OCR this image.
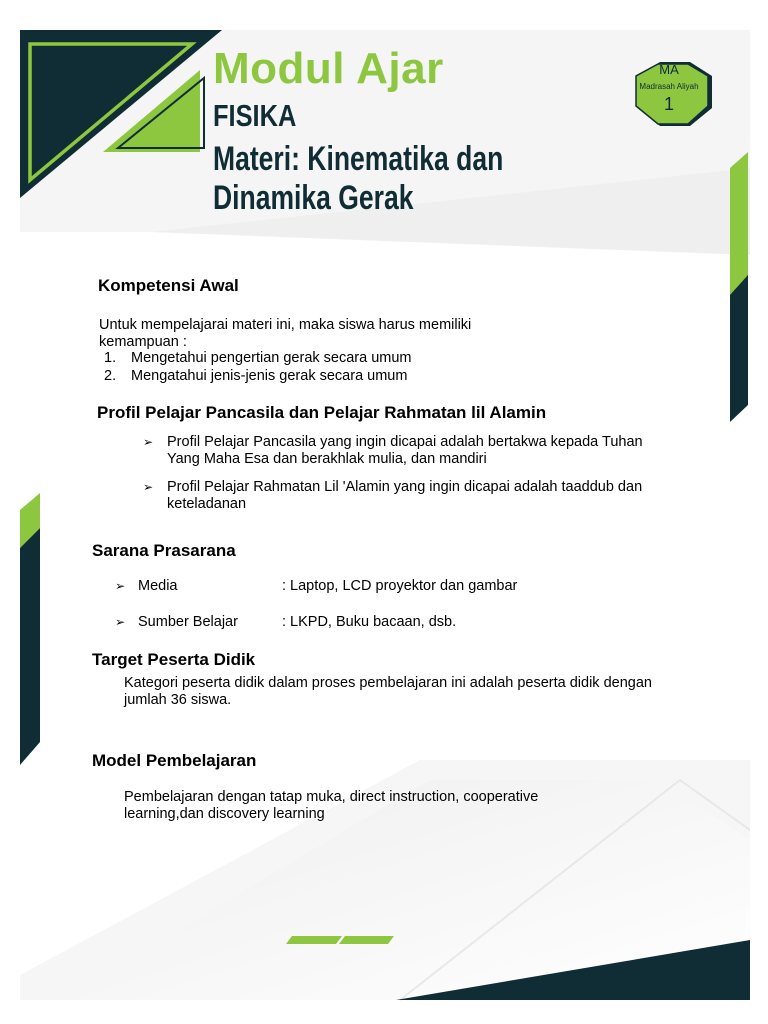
Modul Ajar
FISIKA
Materi: Kinematika dan
Dinamika Gerak
MA
Madrasah Aliyah
1
Kompetensi Awal
Untuk mempelajarai materi ini, maka siswa harus memiliki
kemampuan :
1. Mengetahui pengertian gerak secara umum
2. Mengatahui jenis-jenis gerak secara umum
Profil Pelajar Pancasila dan Pelajar Rahmatan lil Alamin
➢ Profil Pelajar Pancasila yang ingin dicapai adalah bertakwa kepada Tuhan
Yang Maha Esa dan berakhlak mulia, dan mandiri
➢ Profil Pelajar Rahmatan Lil 'Alamin yang ingin dicapai adalah taaddub dan
keteladanan
Sarana Prasarana
➢ Media	: Laptop, LCD proyektor dan gambar
➢ Sumber Belajar	: LKPD, Buku bacaan, dsb.
Target Peserta Didik
Kategori peserta didik dalam proses pembelajaran ini adalah peserta didik dengan
jumlah 36 siswa.
Model Pembelajaran
Pembelajaran dengan tatap muka, direct instruction, cooperative
learning,dan discovery learning
